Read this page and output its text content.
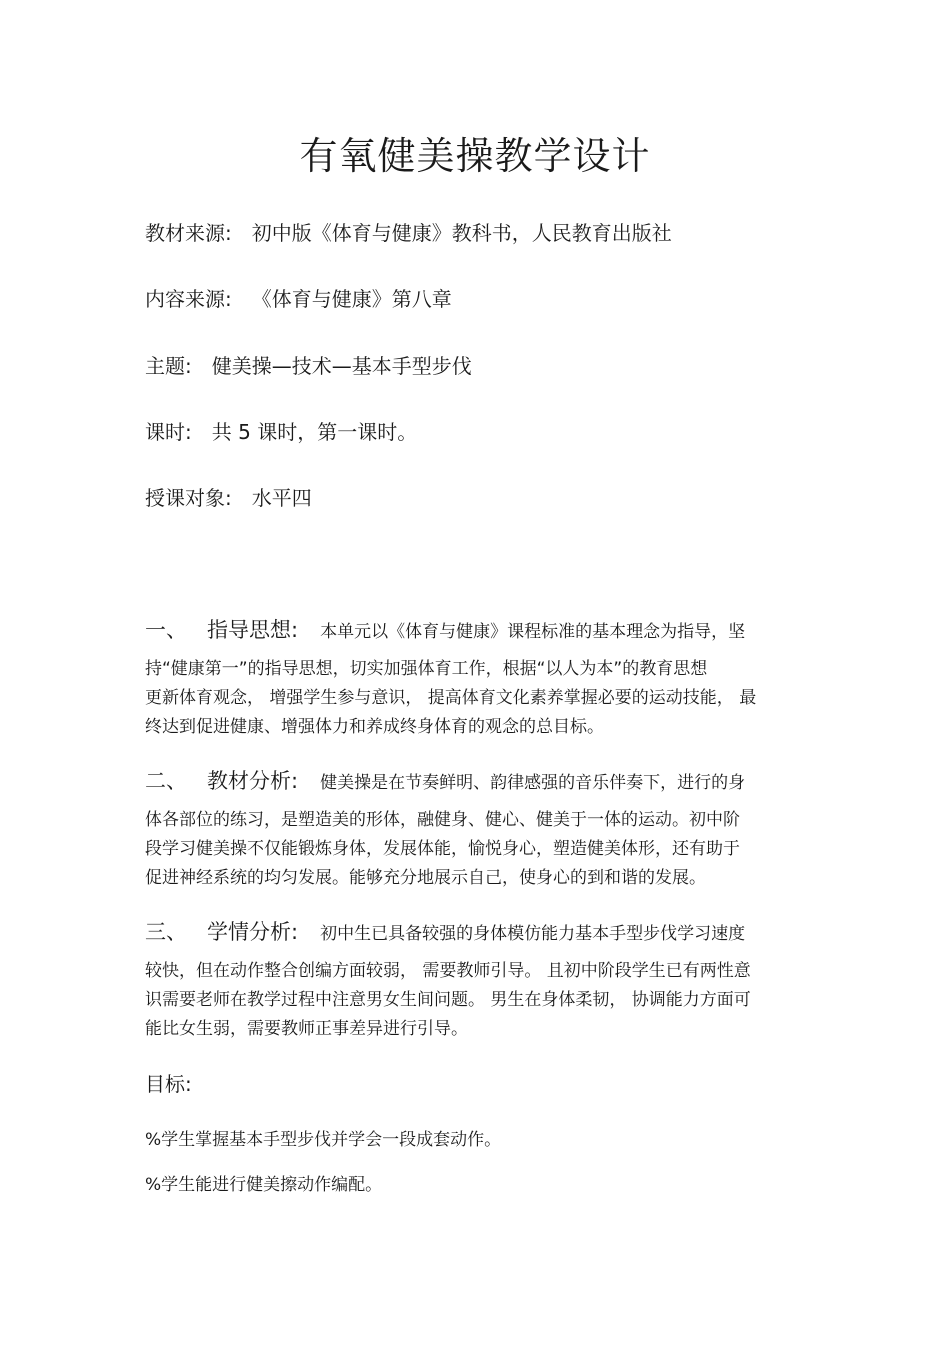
有氧健美操教学设计
教材来源: 初中版《体育与健康》教科书，人民教育出版社
内容来源: 《体育与健康》第八章
主题: 健美操—技术—基本手型步伐
课时: 共 5 课时，第一课时。
授课对象: 水平四
一、 指导思想: 本单元以《体育与健康》课程标准的基本理念为指导，坚
持“健康第一”的指导思想，切实加强体育工作，根据“以人为本”的教育思想
更新体育观念， 增强学生参与意识， 提高体育文化素养掌握必要的运动技能， 最
终达到促进健康、增强体力和养成终身体育的观念的总目标。
二、 教材分析: 健美操是在节奏鲜明、韵律感强的音乐伴奏下，进行的身
体各部位的练习，是塑造美的形体，融健身、健心、健美于一体的运动。初中阶
段学习健美操不仅能锻炼身体，发展体能，愉悦身心，塑造健美体形，还有助于
促进神经系统的均匀发展。能够充分地展示自己，使身心的到和谐的发展。
三、 学情分析: 初中生已具备较强的身体模仿能力基本手型步伐学习速度
较快，但在动作整合创编方面较弱， 需要教师引导。 且初中阶段学生已有两性意
识需要老师在教学过程中注意男女生间问题。 男生在身体柔韧， 协调能力方面可
能比女生弱，需要教师正事差异进行引导。
目标:
%学生掌握基本手型步伐并学会一段成套动作。
%学生能进行健美擦动作编配。
